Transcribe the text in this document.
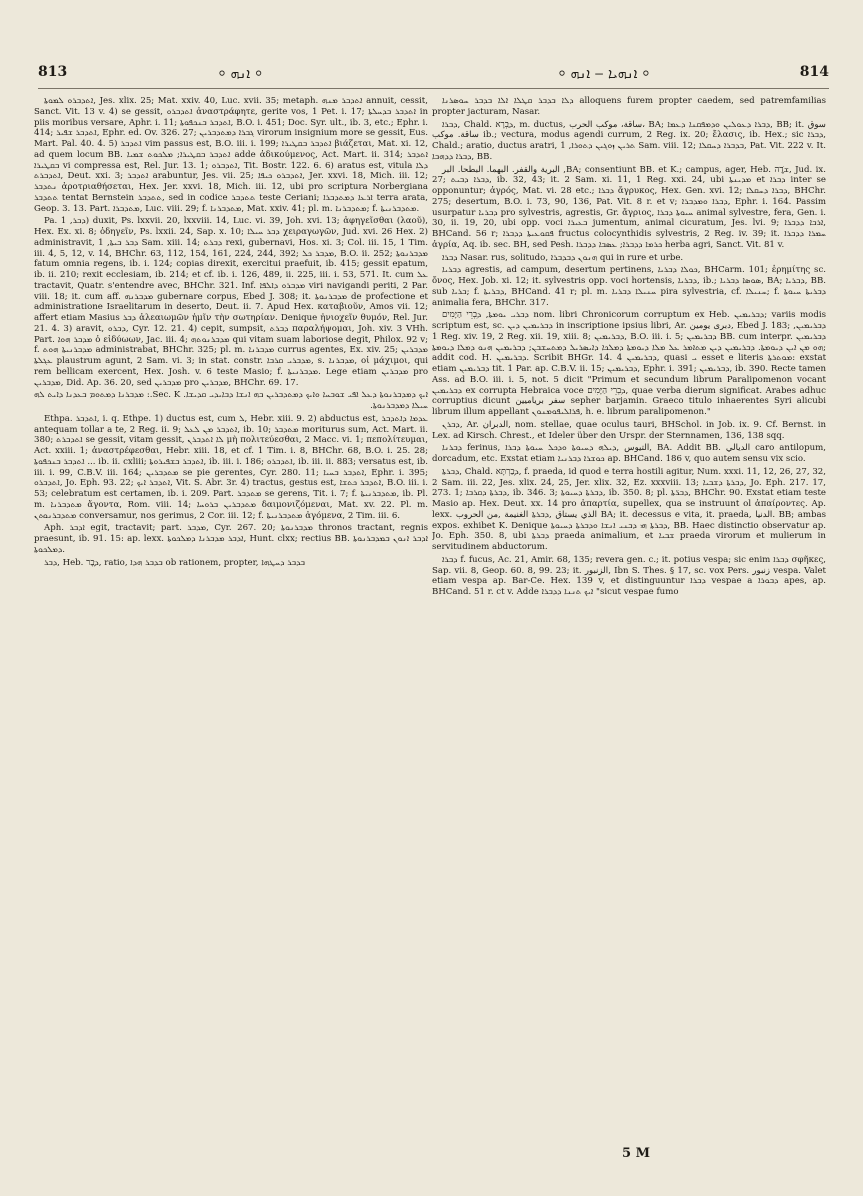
813	⸰ ܐܢܗ ⸰	⸰ ܐܢܗܝܐ ‒ ܐܢܗ ⸰	814

ܐܬܕܒܪܘ ܠܡܘܬܐ, Jes. xlix. 25; Mat. xxiv. 40, Luc. xvii. 35; metaph. ܐܬܕܒܪ ܡܢܗ annuit, cessit, Sanct. Vit. 13 v. 4) se gessit, ܐܬܕܒܪܘ ἀναστράφητε, gerite vos, 1 Pet. i. 17; ܐܬܕܒܪ ܒܕܚܠܬܐ in piis moribus versare, Aphr. i. 11; ܐܬܕܒܪ ܒܢܟܦܘܬܐ, B.O. i. 451; Doc. Syr. ult., ib. 3, etc.; Ephr. i. 414; ܐܬܕܒܪ ܫܦܝܪ, Ephr. ed. Ov. 326. 27; ܓܒܪܐ ܕܡܬܕܒܪܝܢ virorum insignium more se gessit, Eus. Mart. Pal. 40. 4. 5) ܐܬܕܒܪ vim passus est, B.O. iii. i. 199; ܐܬܕܒܪ ܒܩܛܝܪܐ βιάζεται, Mat. xi. 12, ad quem locum BB. ܐܬܕܒܪ ܒܩܛܝܪܐ; ܡܠܟܘܬ ܫܡܝܐ adde ἀδικούμενος, Act. Mart. ii. 314; ܐܬܕܒܪ ܒܩܛܝܪܐ vi compressa est, Rel. Jur. 13. 1; ܐܬܕܒܪܘ, Tit. Bostr. 122. 6. 6) aratus est, vitula ܕܠܐ ܐܬܕܒܪܬ, Deut. xxi. 3; ܐܬܕܒܪ arabuntur, Jes. vii. 25; ܐܬܕܒܪܘ ܟܝܦܐ, Jer. xxvi. 18, Mich. iii. 12; ܢܬܕܒܪ ἀροτριαθήσεται, Hex. Jer. xxvi. 18, Mich. iii. 12, ubi pro scriptura Norbergiana ܬܬܕܒܪ tentat Bernstein ܬܬܕܒܪ, sed in codice ܬܬܕܒܪ teste Ceriani; ܐܪܥܐ ܕܡܬܕܒܪܐ terra arata, Geop. 3. 13. Part. ܡܬܕܒܪܐ, Luc. viii. 29; f. ܡܬܕܒܪܢܐ, Mat. xxiv. 41; pl. m. ܡܬܕܒܪܢܐ; f. ܡܬܕܒܪܢܝܬܐ.

Pa. ܕܒܪ, 1) duxit, Ps. lxxvii. 20, lxxviii. 14, Luc. vi. 39, Joh. xvi. 13; ἀφηγεῖσθαι (λαοῦ), Hex. Ex. xi. 8; ὁδηγεῖν, Ps. lxxii. 24, Sap. x. 10; ܕܒܪ ܚܝܠܐ χειραγωγῶν, Jud. xvi. 26 Hex. 2) administravit, ܕܒܪ ܒܝܬܐ, 1 Sam. xiii. 14; ܕܒܪܬ rexi, gubernavi, Hos. xi. 3; Col. iii. 15, 1 Tim. iii. 4, 5, 12, v. 14, BHChr. 63, 112, 154, 161, 224, 244, 392; ܡܕܒܪ ܟܠ, B.O. ii. 252; ܡܕܒܪܢܘܬܐ fatum omnia regens, ib. i. 124; copias direxit, exercitui praefuit, ib. 415; gessit epatum, ib. ii. 210; rexit ecclesiam, ib. 214; et cf. ib. i. 126, 489, ii. 225, iii. i. 53, 571. It. cum ܥܠ tractavit, Quatr. s'entendre avec, BHChr. 321. Inf. ܡܕܒܪܘ ܕܐܠܦܐ viri navigandi periti, 2 Par. viii. 18; it. cum aff. ܡܕܒܪܢܗ gubernare corpus, Ebed J. 308; it. ܡܕܒܪܢܘܬܐ de profectione et administratione Israelitarum in deserto, Deut. ii. 7. Apud Hex. καταβιοῦν, Amos vii. 12; affert etiam Masius ܕܒܪ ἀλεαιωμῶν ἡμῖν τὴν σωτηρίαν. Denique ἠνιοχεῖν θυμόν, Rel. Jur. 21. 4. 3) aravit, ܕܒܪܘ, Cyr. 12. 21. 4) cepit, sumpsit, ܕܒܪܬ παραλήψομαι, Joh. xiv. 3 VHh. Part. ܡܕܒܪ ܗܘܐ ὁ εἰδύωων, Jac. iii. 4; ܡܕܒܪܢܘܬܗ qui vitam suam laboriose degit, Philox. 92 v; f. ܡܕܒܪܢܝܬܐ ܗܘܬ administrabat, BHChr. 325; pl. m. ܡܕܒܪܢܐ currus agentes, Ex. xiv. 25; ܡܕܒܪܝܢ ܥܓܠܬܐ plaustrum agunt, 2 Sam. vi. 3; in stat. constr. ܡܕܒܪܝ ܩܪܒܐ, s. ܡܕܒܪܢܐ, οἱ μάχιμοι, qui rem bellicam exercent, Hex. Josh. v. 6 teste Masio; f. ܡܕܒܪܢܝܬܐ. Lege etiam ܡܕܒܪܝܢ pro ܡܕܒܪܝܢ, Did. Ap. 36. 20, sed ܡܕܒܪܝܢ pro ܡܕܒܪܝܢ, BHChr. 69. 17.

ܐܝܟ ܕܡܕܒܪܢܘܬܐ ܕܥܠ ܐܦܝ ܫܘܒܚܐ ܘܐܝܟ ܕܡܬܕܒܪܝܢ ܒܗ ܐܢܫܐ ܕܒܐܝܕܝ ܩܕܝܫܐ. Sec. K.: ܡܕܒܪܢܐ ܕܡܬܘܡ ܒܥܕܢܐ ܕܐܝܬ ܠܗ ܚܝܠܐ ܕܡܕܒܪܢܘܬܐ.

Ethpa. ܐܬܕܒܪ, i. q. Ethpe. 1) ductus est, cum ܠ, Hebr. xiii. 9. 2) abductus est, ܥܕܡܐ ܕܐܬܕܒܪ antequam tollar a te, 2 Reg. ii. 9; ܐܬܕܒܪ ܡܢ ܠܥܠ, ib. 10; ܡܬܕܒܪ moriturus sum, Act. Mart. ii. 380; ܐܬܕܒܪܬ se gessit, vitam gessit, ܠܐ ܐܬܕܒܪܢ μὴ πολιτεύεσθαι, 2 Macc. vi. 1; πεπολίτευμαι, Act. xxiii. 1; ἀναστρέφεσθαι, Hebr. xiii. 18, et cf. 1 Tim. i. 8, BHChr. 68, B.O. i. 25. 28; ܐܬܕܒܪ ܒܢܟܦܘܬܐ ... ib. ii. cxliii; ܐܬܕܒܪ ܒܫܦܝܪܘܬܐ, ib. iii. i. 186; ܐܬܕܒܪܘ, ib. iii. ii. 883; versatus est, ib. iii. i. 99, C.B.V. iii. 164; ܡܬܕܒܪܝܢ se pie gerentes, Cyr. 280. 11; ܐܬܕܒܪ ܒܚܝܐ, Ephr. i. 395; ܐܬܕܒܪܘ, Jo. Eph. 93. 22; ܐܬܕܒܪ ܐܝܟ, Vit. S. Abr. 3r. 4) tractus, gestus est, ܐܬܕܒܪ ܟܬܫܐ, B.O. iii. i. 53; celebratum est certamen, ib. i. 209. Part. ܡܬܕܒܪ se gerens, Tit. i. 7; f. ܡܬܕܒܪܢܝܬܐ, ib. Pl. m. ܡܬܕܒܪܢܐ ἄγοντα, Rom. viii. 14; ܡܬܕܒܪܝܢ ܒܪܘܚܐ δαιμονιζόμεναι, Mat. xv. 22. Pl. m. ܡܬܕܒܪܢܘܬܢ conversamur, nos gerimus, 2 Cor. iii. 12; f. ܡܬܕܒܪܢܝܬܐ ἀγόμενα, 2 Tim. iii. 6.

Aph. ܐܕܒܪ egit, tractavit; part. ܡܕܒܪ, Cyr. 267. 20; ܡܕܒܪܢܘܬܐ thronos tractant, regnis praesunt, ib. 91. 15: ap. lexx. ܐܕܒܪ ܡܕܒܪܢܐ ܕܡܠܟܘܬܐ, Hunt. clxx; rectius BB. ܐܕܒܪ ܐܢܘܢ ܒܡܕܒܪܢܘܬܐ ܕܡܠܟܘܬܐ.

ܕܒܪ, Heb. ܕָּבָר, ratio, ܒܕܒܪ ܗܕܐ ob rationem, propter, ܒܕܒܪ ܕܚܛܗܐ

ܕܠܐ ܒܕܒܪ ܩܛܠܐ ܐܠܐ ܒܕܒܪ ܚܘܣܪܢܐ alloquens furem propter caedem, sed patremfamilias propter jacturam, Nasar.

ܕܒܪܐ, Chald. ܕַּבְרָא, m. ductus, ساقة، موكب الحرب، BA; ܕܒܪܐ ܕܥܘܠܝܢ ܘܕܡܦܩܢܐ ܕܥܡܐ, BB; it. سوق ساقة. موكب ib.; vectura, modus agendi currum, 2 Reg. ix. 20; ἔλασις, ib. Hex.; sic ܕܒܪܐ, Chald.; aratio, ductus aratri, ܬܪܝܢ ܙܘܓܝܢ ܕܬܘܪܐ, 1 Sam. viii. 12; ܒܕܒܪܐ ܕܚܩܠܐ, Pat. Vit. 222 v. It. ܕܒܪܐ ܕܕܗܒܐ, BB.

البرية والقفر. البهما. البطحا. البر ,BA; consentiunt BB. et K.; campus, ager, Heb. ܫָׂדֶה, Jud. ix. 27; ܕܒܪܐ ܕܒܝܬ, ib. 32, 43; it. 2 Sam. xi. 11, 1 Reg. xxi. 24, ubi ܡܕܝܢܬܐ et ܕܒܪܐ inter se opponuntur; ἀγρός, Mat. vi. 28 etc.; ܕܒܪܐ ἄγρυκος, Hex. Gen. xvi. 12; ܕܒܪܐ ܕܚܩܠܐ, BHChr. 275; desertum, B.O. i. 73, 90, 136, Pat. Vit. 8 r. et v; ܕܒܪܐ ܘܡܕܒܪܐ, Ephr. i. 164. Passim usurpatur ܕܒܪܝܐ pro sylvestris, agrestis, Gr. ἄγριος, ܚܝܘܬܐ ܕܒܪܐ animal sylvestre, fera, Gen. i. 30, ii. 19, 20, ubi opp. voci ܒܥܝܪܐ jumentum, animal cicuratum, Jes. lvi. 9; ܐܪܒܐ ܕܕܒܪܐ, BHCand. 56 r; ܦܩܘܥܝܬܐ ܕܕܒܪܐ fructus colocynthidis sylvestris, 2 Reg. iv. 39; it. ܚܡܪܐ ܕܕܒܪܐ ἀγρία, Aq. ib. sec. BH, sed Pesh. ܟܪܡܐ ܕܕܒܪܐ; ܥܣܒܐ ܕܕܒܪܐ herba agri, Sanct. Vit. 81 v.

ܕܒܪܐ Nasar. rus, solitudo, ܗܢܘܢ ܕܒܕܒܪܐ qui in rure et urbe.

ܕܒܪܝܐ agrestis, ad campum, desertum pertinens, ܟܘܠܐ ܕܒܪܝܐ, BHCarm. 101; ἐρημίτης sc. ὄνος, Hex. Job. xi. 12; it. sylvestris opp. voci hortensis, ܕܒܪܝܐ, ib.; ܣܘܣܐ ܕܒܪܝܐ, BA; ܕܒܪܝܐ, BB. sub ܒܪܝܐ; f. ܕܒܪܝܬܐ, BHCand. 41 r; pl. m. ܚܢܝܠܐ ܕܒܪܝܐ pira sylvestria, cf. ܚܢܝܠܐ; f. ܕܒܪܝܬܐ ܚܝܘܬܐ animalia fera, BHChr. 317.

ܕܒܪܝ ܝܘܡܬܐ, ܕִּבְרֵי הַיָּמִים nom. libri Chronicorum corruptum ex Heb. ܕܒܪܝܡܝܢ; variis modis scriptum est, sc. ܕܒܪܝܡܝܢ ܕܝܢ in inscriptione ipsius libri, Ar. دبرى يومين, Ebed J. 183; ܕܒܪܝܡܝܢ, 1 Reg. xiv. 19, 2 Reg. xii. 19, xiii. 8; ܕܒܪܝܡܝܢ, B.O. iii. i. 5; ܕܒܪܝܡܝܢ BB. cum interpr. ܕܒܪܝܡܝܢ ܗܘ ܡܢ ܐܝܢ ܕܝܘܡܬܐ. ܕܒܪܝܡܝܢ ܕܝܢ ܡܬܐܡܪ ܥܠ ܡܠܐ ܕܝܘܡܬܐ ܕܡܠܟܐ ܕܐܝܣܪܝܠ ܕܡܬܚܫܒܢ; ܕܒܪܝܡܝܢ ܗܢܘ ܕܡܠܐ ܕܝܘܡܬܐ; addit cod. H. ܕܒܪܝܡܝܢ. Scribit BHGr. 14. 4 ܕܒܪܝܡܝܢ, quasi ܝ esset e literis ܡܘܬܪܬܐ: exstat etiam ܕܒܪܝܡܝܢ tit. 1 Par. ap. C.B.V. ii. 15; ܕܒܪܝܡܝܢ, Ephr. i. 391; ܕܒܪܝܡܝܢ, ib. 390. Recte tamen Ass. ad B.O. iii. i. 5, not. 5 dicit "Primum et secundum librum Paralipomenon vocant ܕܒܪܝܡܝܢ ex corrupta Hebraica voce ܕִּבְרֵי הַיָּמִים, quae verba dierum significat. Arabes adhuc corruptius dicunt سفر برياميين sepher barjamin. Graeco titulo inhaerentes Syri alicubi librum illum appellant ܦܪܐܠܝܦܘܡܢܘܢ, h. e. librum paralipomenon."

ܕܒܪܢ, Ar. الدبران, nom. stellae, quae oculus tauri, BHSchol. in Job. ix. 9. Cf. Bernst. in Lex. ad Kirsch. Chrest., et Ideler über den Urspr. der Sternnamen, 136, 138 sqq.

ܕܒܪܢܐ ferinus, التيوس ,ܕܝܠܗ ܕܚܝܘܬܐ ܘܕܟܠ ܚܝܘܬܐ ܕܒܪܐ, BA. Addit BB. الديالي caro antilopum, dorcadum, etc. Exstat etiam ܟܘܫܪܐ ܕܒܪܢܝܐ ap. BHCand. 186 v, quo autem sensu vix scio.

ܕܒܪܬܐ, Chald. ܕְּבַרְתָּא, f. praeda, id quod e terra hostili agitur, Num. xxxi. 11, 12, 26, 27, 32, 2 Sam. iii. 22, Jes. xlix. 24, 25, Jer. xlix. 32, Ez. xxxviii. 13; ܕܒܪܬܐ ܕܫܒܝܐ, Jo. Eph. 217. 17, 273. 1; ܕܒܪܬܐ ܕܩܪܒܐ, ib. 346. 3; ܕܒܪܬܐ ܕܚܝܘܬܐ, ib. 350. 8; pl. ܕܒܪ̈ܬܐ, BHChr. 90. Exstat etiam teste Masio ap. Hex. Deut. xx. 14 pro ἀπαρτία, supellex, qua se instruunt ol ἀπαίροντες. Ap. lexx. الذي يستاق ,ܕܒܪܬܐ الغنيمة ,من الحروب BA; it. decessus e vita, it. praeda, الدنيا. BB; ambas expos. exhibet K. Denique ܕܒܪܬܐ ܗܝ ܕܒܢܝ ܐܢܫܐ ܘܕܒܪܬܐ ܕܚܝܘܬܐ, BB. Haec distinctio observatur ap. Jo. Eph. 350. 8, ubi ܕܒܪܬܐ praeda animalium, et ܫܒܝܐ praeda virorum et mulierum in servitudinem abductorum.

ܕܒܪܐ f. fucus, Ac. 21, Amir. 68, 135; revera gen. c.; it. potius vespa; sic enim ܕܒܪܐ σφῆκες, Sap. vii. 8, Geop. 60. 8, 99. 23; it. الزنبور, Ibn S. Thes. § 17, sc. vox Pers. زنبور vespa. Valet etiam vespa ap. Bar-Ce. Hex. 139 v, et distinguuntur ܕܒܪܐ vespae a ܕܒܘܪܐ apes, ap. BHCand. 51 r. ct v. Adde ܐܝܟ ܬܢܢܐ ܕܕܒܪܐ "sicut vespae fumo

5 M
